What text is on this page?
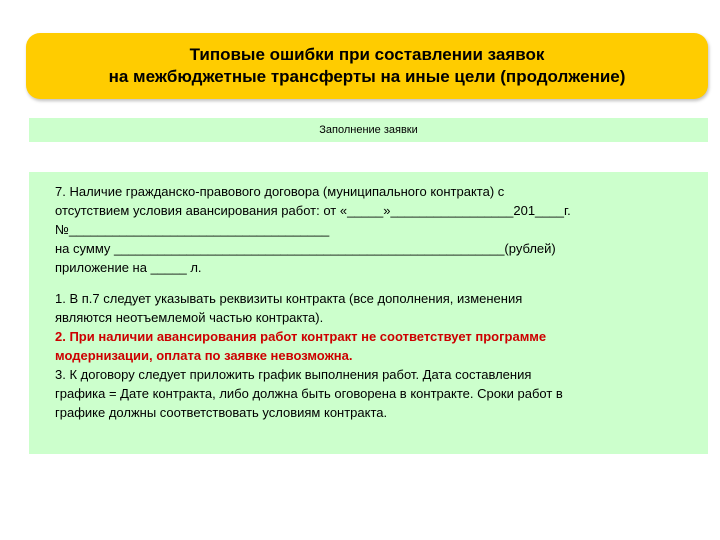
Типовые ошибки при составлении заявок
на межбюджетные трансферты на иные цели (продолжение)
Заполнение заявки
7. Наличие гражданско-правового договора (муниципального контракта) с
отсутствием условия авансирования работ: от «_____»_________________201____г.
№____________________________________
на сумму ______________________________________________________(рублей)
приложение на _____ л.
1. В п.7 следует указывать реквизиты контракта (все дополнения, изменения
являются неотъемлемой частью контракта).
2. При наличии авансирования работ контракт не соответствует программе
модернизации, оплата по заявке невозможна.
3. К договору следует приложить график выполнения работ. Дата составления
графика = Дате контракта, либо должна быть оговорена в контракте. Сроки работ в
графике должны соответствовать условиям контракта.
